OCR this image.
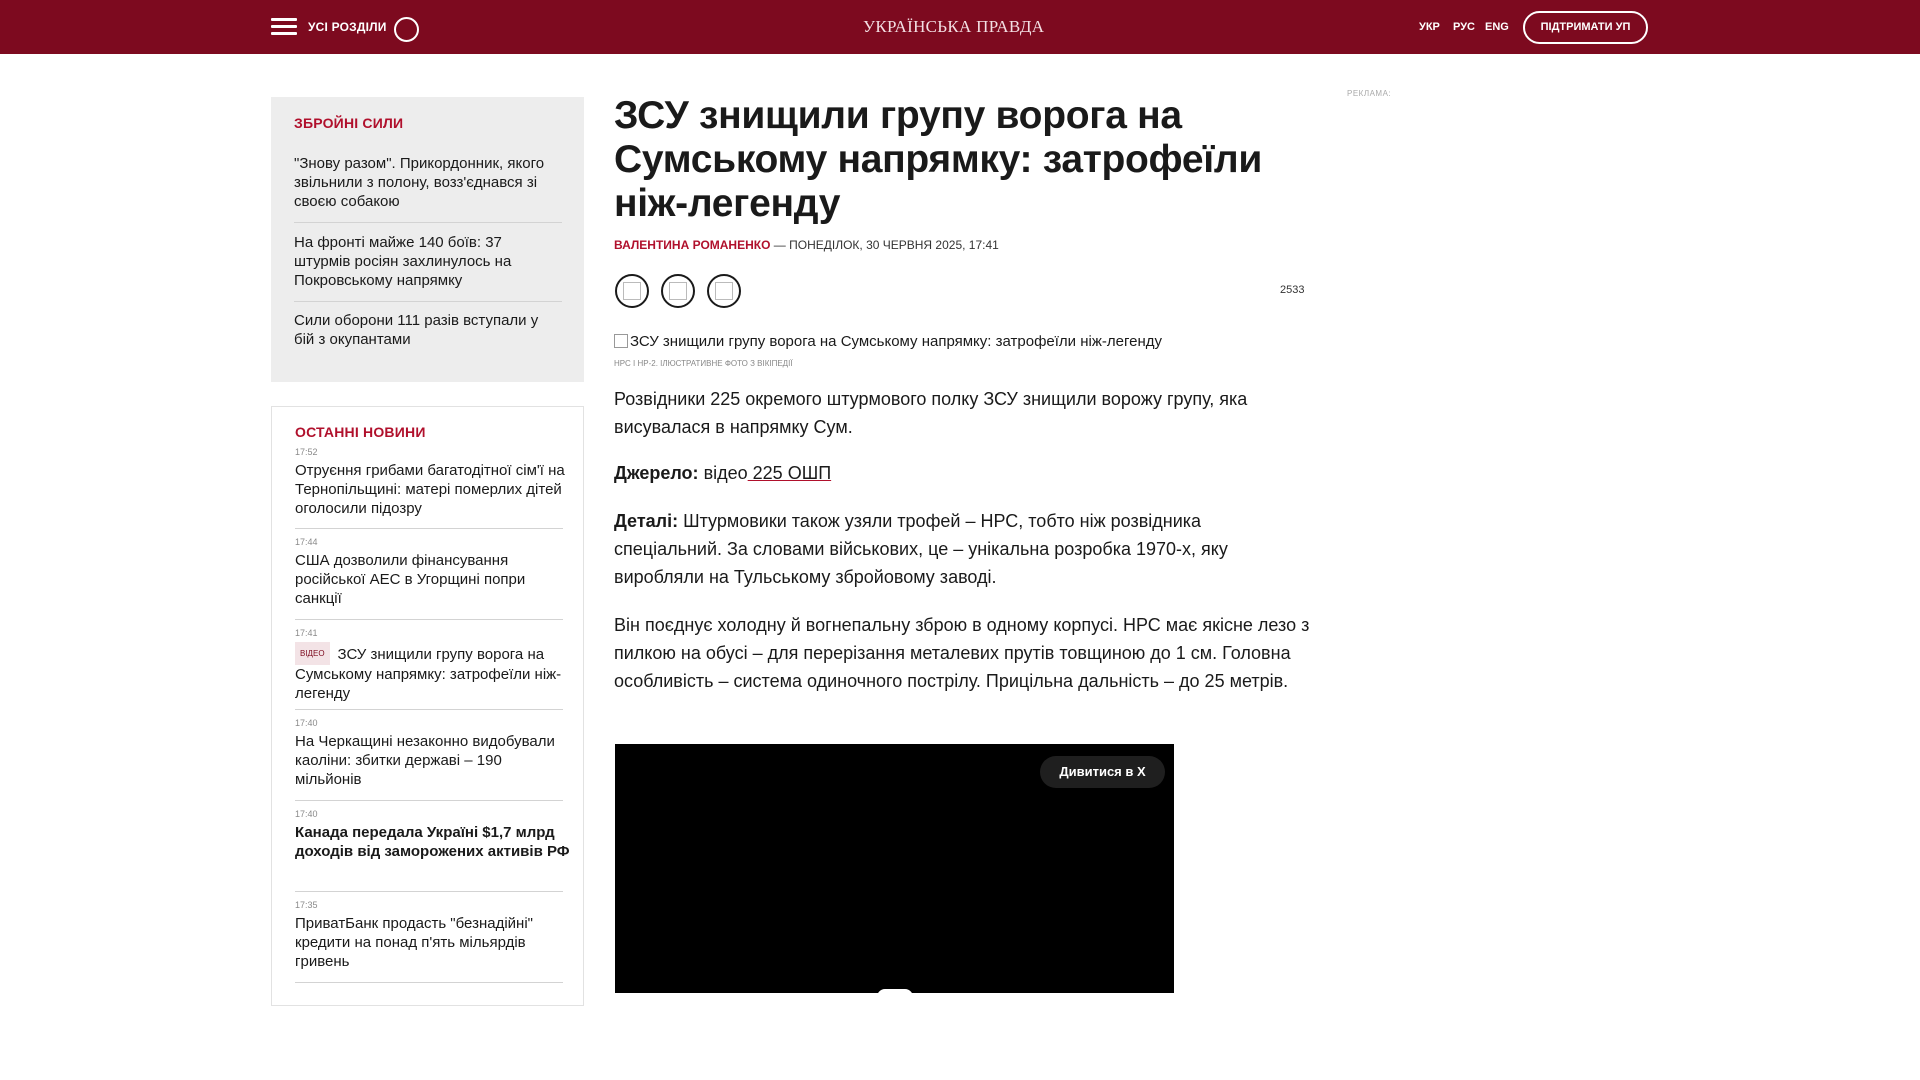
УСІ РОЗДІЛИ	УКРАЇНСЬКА ПРАВДА	УКР РУС ENG	ПІДТРИМАТИ УП
ЗБРОЙНІ СИЛИ
"Знову разом". Прикордонник, якого звільнили з полону, возз'єднався зі своєю собакою
На фронті майже 140 боїв: 37 штурмів росіян захлинулось на Покровському напрямку
Сили оборони 111 разів вступали у бій з окупантами
ОСТАННІ НОВИНИ
17:52
Отруєння грибами багатодітної сім'ї на Тернопільщині: матері померлих дітей оголосили підозру
17:44
США дозволили фінансування російської АЕС в Угорщині попри санкції
17:41
ВІДЕО ЗСУ знищили групу ворога на Сумському напрямку: затрофеїли ніж-легенду
17:40
На Черкащині незаконно видобували каоліни: збитки державі – 190 мільйонів
17:40
Канада передала Україні $1,7 млрд доходів від заморожених активів РФ
17:35
ПриватБанк продасть "безнадійні" кредити на понад п'ять мільярдів гривень
ЗСУ знищили групу ворога на Сумському напрямку: затрофеїли ніж-легенду
ВАЛЕНТИНА РОМАНЕНКО — ПОНЕДІЛОК, 30 ЧЕРВНЯ 2025, 17:41
2533
РЕКЛАМА:
ЗСУ знищили групу ворога на Сумському напрямку: затрофеїли ніж-легенду
НРС І НР-2. ІЛЮСТРАТИВНЕ ФОТО З ВІКІПЕДІЇ
Розвідники 225 окремого штурмового полку ЗСУ знищили ворожу групу, яка висувалася в напрямку Сум.
Джерело: відео 225 ОШП
Деталі: Штурмовики також узяли трофей – НРС, тобто ніж розвідника спеціальний. За словами військових, це – унікальна розробка 1970-х, яку виробляли на Тульському збройовому заводі.
Він поєднує холодну й вогнепальну зброю в одному корпусі. НРС має якісне лезо з пилкою на обусі – для перерізання металевих прутів товщиною до 1 см. Головна особливість – система одиночного пострілу. Прицільна дальність – до 25 метрів.
Дивитися в X
